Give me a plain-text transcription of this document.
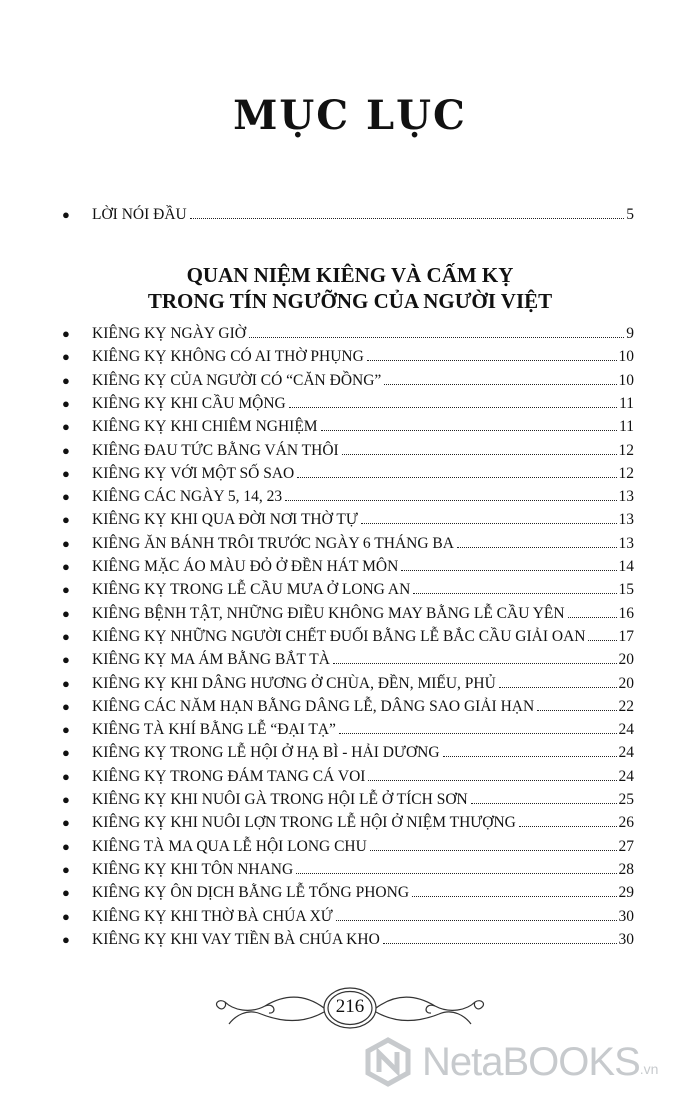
MỤC LỤC
●	LỜI NÓI ĐẦU	5
QUAN NIỆM KIÊNG VÀ CẤM KỴ
TRONG TÍN NGƯỠNG CỦA NGƯỜI VIỆT
●	KIÊNG KỴ NGÀY GIỜ	9
●	KIÊNG KỴ KHÔNG CÓ AI THỜ PHỤNG	10
●	KIÊNG KỴ CỦA NGƯỜI CÓ “CĂN ĐỒNG”	10
●	KIÊNG KỴ KHI CẦU MỘNG	11
●	KIÊNG KỴ KHI CHIÊM NGHIỆM	11
●	KIÊNG ĐAU TỨC BẰNG VÁN THÔI	12
●	KIÊNG KỴ VỚI MỘT SỐ SAO	12
●	KIÊNG CÁC NGÀY 5, 14, 23	13
●	KIÊNG KỴ KHI QUA ĐỜI NƠI THỜ TỰ	13
●	KIÊNG ĂN BÁNH TRÔI TRƯỚC NGÀY 6 THÁNG BA	13
●	KIÊNG MẶC ÁO MÀU ĐỎ Ở ĐỀN HÁT MÔN	14
●	KIÊNG KỴ TRONG LỄ CẦU MƯA Ở LONG AN	15
●	KIÊNG BỆNH TẬT, NHỮNG ĐIỀU KHÔNG MAY BẰNG LỄ CẦU YÊN	16
●	KIÊNG KỴ NHỮNG NGƯỜI CHẾT ĐUỐI BẰNG LỄ BẮC CẦU GIẢI OAN 17
●	KIÊNG KỴ MA ÁM BẰNG BẮT TÀ	20
●	KIÊNG KỴ KHI DÂNG HƯƠNG Ở CHÙA, ĐỀN, MIẾU, PHỦ	20
●	KIÊNG CÁC NĂM HẠN BẰNG DÂNG LỄ, DÂNG SAO GIẢI HẠN	22
●	KIÊNG TÀ KHÍ BẰNG LỄ “ĐẠI TẠ”	24
●	KIÊNG KỴ TRONG LỄ HỘI Ở HẠ BÌ - HẢI DƯƠNG	24
●	KIÊNG KỴ TRONG ĐÁM TANG CÁ VOI	24
●	KIÊNG KỴ KHI NUÔI GÀ TRONG HỘI LỄ Ở TÍCH SƠN	25
●	KIÊNG KỴ KHI NUÔI LỢN TRONG LỄ HỘI Ở NIỆM THƯỢNG	26
●	KIÊNG TÀ MA QUA LỄ HỘI LONG CHU	27
●	KIÊNG KỴ KHI TÔN NHANG	28
●	KIÊNG KỴ ÔN DỊCH BẰNG LỄ TỐNG PHONG	29
●	KIÊNG KỴ KHI THỜ BÀ CHÚA XỨ	30
●	KIÊNG KỴ KHI VAY TIỀN BÀ CHÚA KHO	30
216
NetaBOOKS .vn
